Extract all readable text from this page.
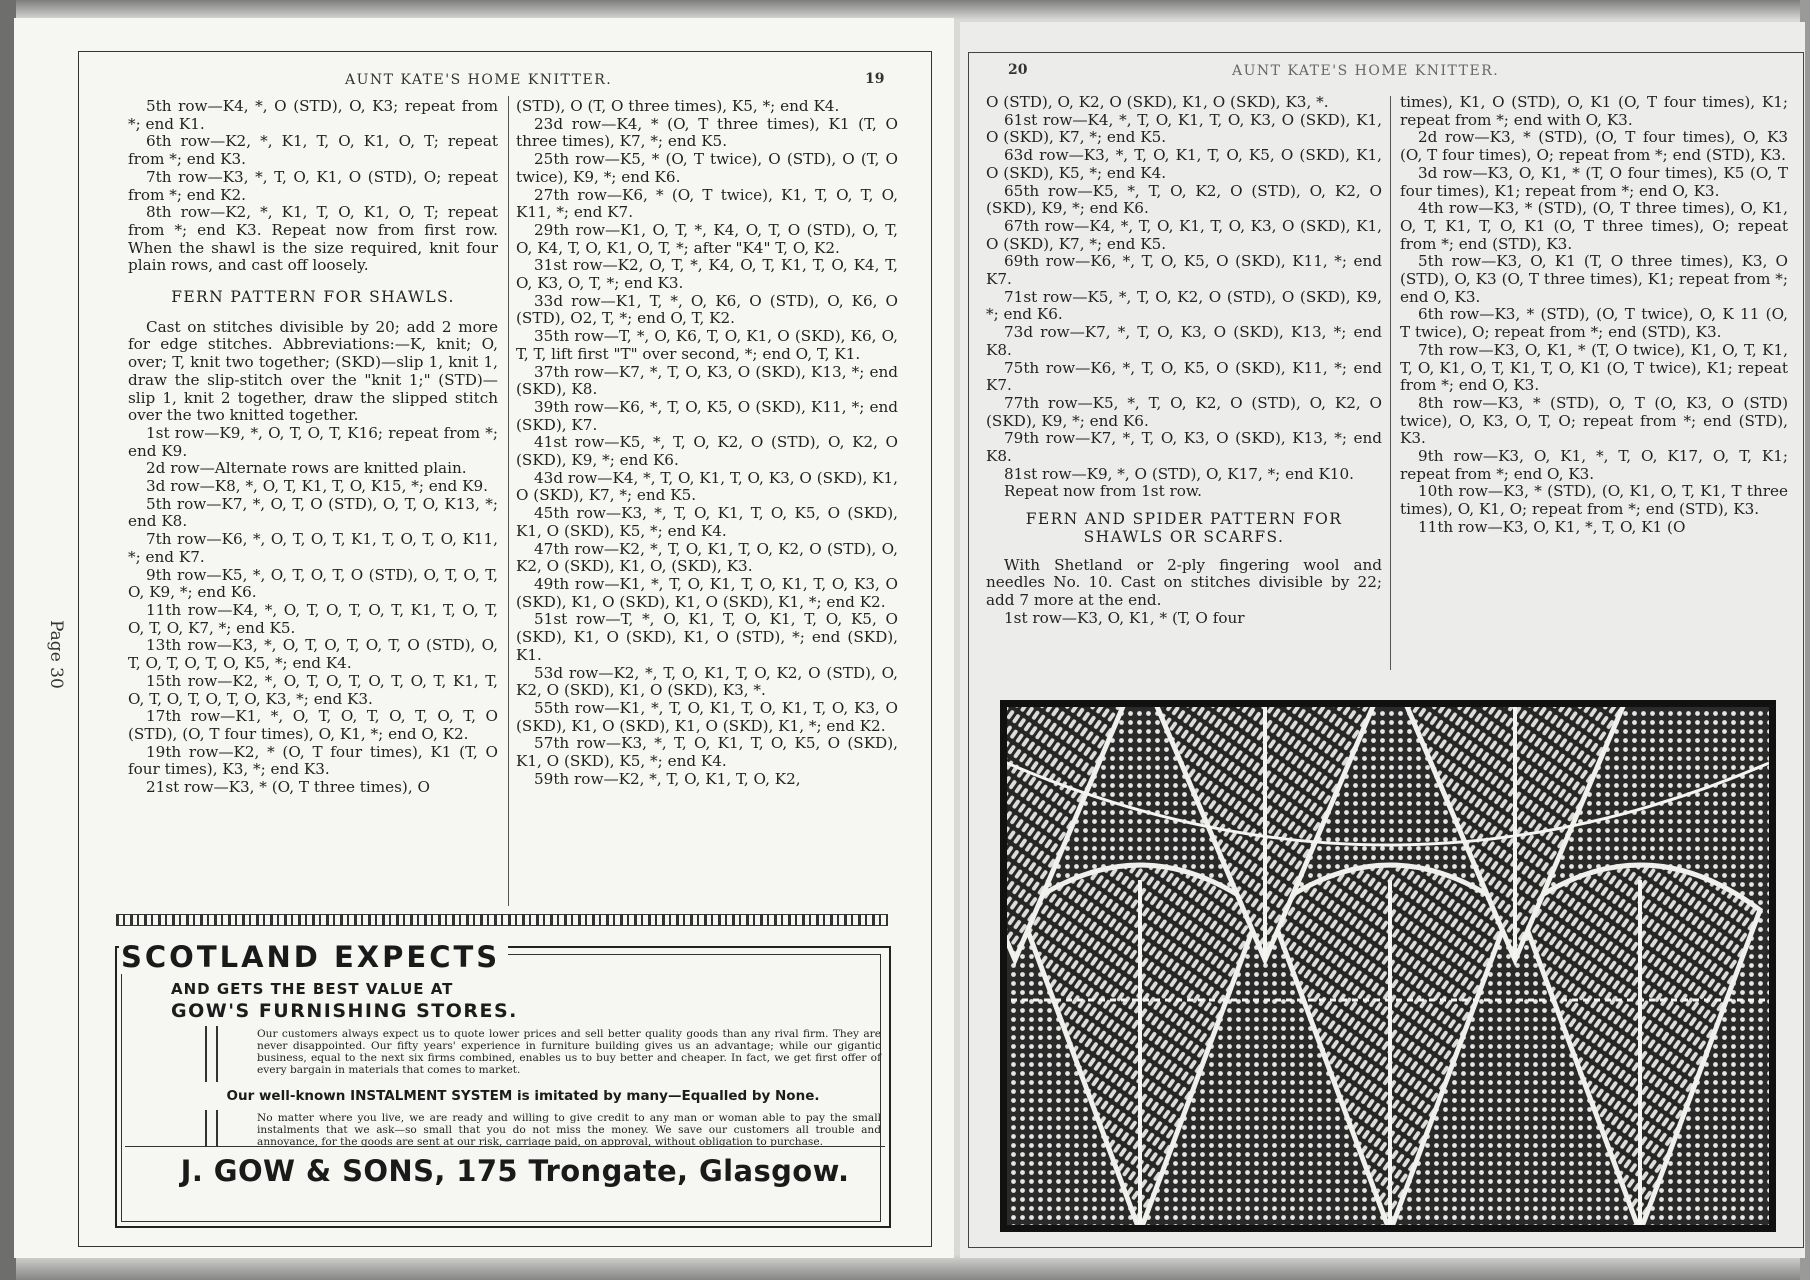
Page 30
AUNT KATE'S HOME KNITTER.	19

5th row—K4, *, O (STD), O, K3; repeat from *; end K1.

6th row—K2, *, K1, T, O, K1, O, T; repeat from *; end K3.

7th row—K3, *, T, O, K1, O (STD), O; repeat from *; end K2.

8th row—K2, *, K1, T, O, K1, O, T; repeat from *; end K3. Repeat now from first row. When the shawl is the size required, knit four plain rows, and cast off loosely.

FERN PATTERN FOR SHAWLS.

Cast on stitches divisible by 20; add 2 more for edge stitches. Abbreviations:—K, knit; O, over; T, knit two together; (SKD)—slip 1, knit 1, draw the slip-stitch over the "knit 1;" (STD)—slip 1, knit 2 together, draw the slipped stitch over the two knitted together.

1st row—K9, *, O, T, O, T, K16; repeat from *; end K9.

2d row—Alternate rows are knitted plain.

3d row—K8, *, O, T, K1, T, O, K15, *; end K9.

5th row—K7, *, O, T, O (STD), O, T, O, K13, *; end K8.

7th row—K6, *, O, T, O, T, K1, T, O, T, O, K11, *; end K7.

9th row—K5, *, O, T, O, T, O (STD), O, T, O, T, O, K9, *; end K6.

11th row—K4, *, O, T, O, T, O, T, K1, T, O, T, O, T, O, K7, *; end K5.

13th row—K3, *, O, T, O, T, O, T, O (STD), O, T, O, T, O, T, O, K5, *; end K4.

15th row—K2, *, O, T, O, T, O, T, O, T, K1, T, O, T, O, T, O, T, O, K3, *; end K3.

17th row—K1, *, O, T, O, T, O, T, O, T, O (STD), (O, T four times), O, K1, *; end O, K2.

19th row—K2, * (O, T four times), K1 (T, O four times), K3, *; end K3.

21st row—K3, * (O, T three times), O

(STD), O (T, O three times), K5, *; end K4.

23d row—K4, * (O, T three times), K1 (T, O three times), K7, *; end K5.

25th row—K5, * (O, T twice), O (STD), O (T, O twice), K9, *; end K6.

27th row—K6, * (O, T twice), K1, T, O, T, O, K11, *; end K7.

29th row—K1, O, T, *, K4, O, T, O (STD), O, T, O, K4, T, O, K1, O, T, *; after "K4" T, O, K2.

31st row—K2, O, T, *, K4, O, T, K1, T, O, K4, T, O, K3, O, T, *; end K3.

33d row—K1, T, *, O, K6, O (STD), O, K6, O (STD), O2, T, *; end O, T, K2.

35th row—T, *, O, K6, T, O, K1, O (SKD), K6, O, T, T, lift first "T" over second, *; end O, T, K1.

37th row—K7, *, T, O, K3, O (SKD), K13, *; end (SKD), K8.

39th row—K6, *, T, O, K5, O (SKD), K11, *; end (SKD), K7.

41st row—K5, *, T, O, K2, O (STD), O, K2, O (SKD), K9, *; end K6.

43d row—K4, *, T, O, K1, T, O, K3, O (SKD), K1, O (SKD), K7, *; end K5.

45th row—K3, *, T, O, K1, T, O, K5, O (SKD), K1, O (SKD), K5, *; end K4.

47th row—K2, *, T, O, K1, T, O, K2, O (STD), O, K2, O (SKD), K1, O, (SKD), K3.

49th row—K1, *, T, O, K1, T, O, K1, T, O, K3, O (SKD), K1, O (SKD), K1, O (SKD), K1, *; end K2.

51st row—T, *, O, K1, T, O, K1, T, O, K5, O (SKD), K1, O (SKD), K1, O (STD), *; end (SKD), K1.

53d row—K2, *, T, O, K1, T, O, K2, O (STD), O, K2, O (SKD), K1, O (SKD), K3, *.

55th row—K1, *, T, O, K1, T, O, K1, T, O, K3, O (SKD), K1, O (SKD), K1, O (SKD), K1, *; end K2.

57th row—K3, *, T, O, K1, T, O, K5, O (SKD), K1, O (SKD), K5, *; end K4.

59th row—K2, *, T, O, K1, T, O, K2,

SCOTLAND EXPECTS
AND GETS THE BEST VALUE AT
GOW'S FURNISHING STORES.
Our customers always expect us to quote lower prices and sell better quality goods than any rival firm. They are never disappointed. Our fifty years' experience in furniture building gives us an advantage; while our gigantic business, equal to the next six firms combined, enables us to buy better and cheaper. In fact, we get first offer of every bargain in materials that comes to market.
Our well-known INSTALMENT SYSTEM is imitated by many—Equalled by None.
No matter where you live, we are ready and willing to give credit to any man or woman able to pay the small instalments that we ask—so small that you do not miss the money. We save our customers all trouble and annoyance, for the goods are sent at our risk, carriage paid, on approval, without obligation to purchase.
J. GOW & SONS, 175 Trongate, Glasgow.
20	AUNT KATE'S HOME KNITTER.

O (STD), O, K2, O (SKD), K1, O (SKD), K3, *.

61st row—K4, *, T, O, K1, T, O, K3, O (SKD), K1, O (SKD), K7, *; end K5.

63d row—K3, *, T, O, K1, T, O, K5, O (SKD), K1, O (SKD), K5, *; end K4.

65th row—K5, *, T, O, K2, O (STD), O, K2, O (SKD), K9, *; end K6.

67th row—K4, *, T, O, K1, T, O, K3, O (SKD), K1, O (SKD), K7, *; end K5.

69th row—K6, *, T, O, K5, O (SKD), K11, *; end K7.

71st row—K5, *, T, O, K2, O (STD), O (SKD), K9, *; end K6.

73d row—K7, *, T, O, K3, O (SKD), K13, *; end K8.

75th row—K6, *, T, O, K5, O (SKD), K11, *; end K7.

77th row—K5, *, T, O, K2, O (STD), O, K2, O (SKD), K9, *; end K6.

79th row—K7, *, T, O, K3, O (SKD), K13, *; end K8.

81st row—K9, *, O (STD), O, K17, *; end K10.

Repeat now from 1st row.

FERN AND SPIDER PATTERN FOR
SHAWLS OR SCARFS.

With Shetland or 2-ply fingering wool and needles No. 10. Cast on stitches divisible by 22; add 7 more at the end.

1st row—K3, O, K1, * (T, O four

times), K1, O (STD), O, K1 (O, T four times), K1; repeat from *; end with O, K3.

2d row—K3, * (STD), (O, T four times), O, K3 (O, T four times), O; repeat from *; end (STD), K3.

3d row—K3, O, K1, * (T, O four times), K5 (O, T four times), K1; repeat from *; end O, K3.

4th row—K3, * (STD), (O, T three times), O, K1, O, T, K1, T, O, K1 (O, T three times), O; repeat from *; end (STD), K3.

5th row—K3, O, K1 (T, O three times), K3, O (STD), O, K3 (O, T three times), K1; repeat from *; end O, K3.

6th row—K3, * (STD), (O, T twice), O, K 11 (O, T twice), O; repeat from *; end (STD), K3.

7th row—K3, O, K1, * (T, O twice), K1, O, T, K1, T, O, K1, O, T, K1, T, O, K1 (O, T twice), K1; repeat from *; end O, K3.

8th row—K3, * (STD), O, T (O, K3, O (STD) twice), O, K3, O, T, O; repeat from *; end (STD), K3.

9th row—K3, O, K1, *, T, O, K17, O, T, K1; repeat from *; end O, K3.

10th row—K3, * (STD), (O, K1, O, T, K1, T three times), O, K1, O; repeat from *; end (STD), K3.

11th row—K3, O, K1, *, T, O, K1 (O
